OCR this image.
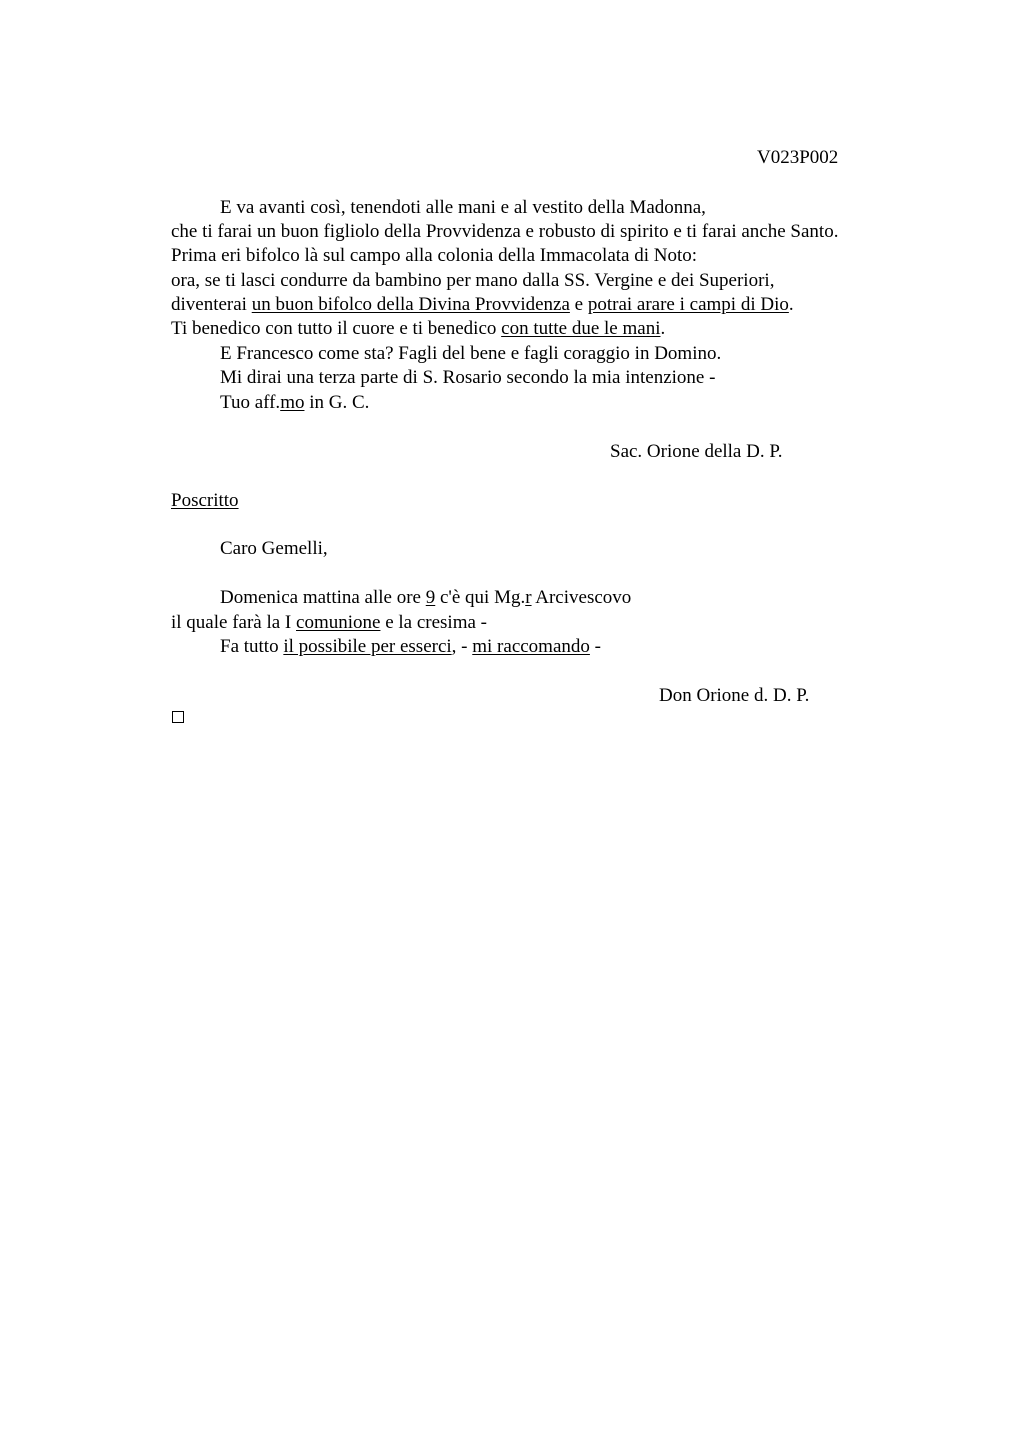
V023P002
E va avanti così, tenendoti alle mani e al vestito della Madonna,
che ti farai un buon figliolo della Provvidenza e robusto di spirito e ti farai anche Santo.
Prima eri bifolco là sul campo alla colonia della Immacolata di Noto:
ora, se ti lasci condurre da bambino per mano dalla SS. Vergine e dei Superiori,
diventerai un buon bifolco della Divina Provvidenza e potrai arare i campi di Dio.
Ti benedico con tutto il cuore e ti benedico con tutte due le mani.
E Francesco come sta? Fagli del bene e fagli coraggio in Domino.
Mi dirai una terza parte di S. Rosario secondo la mia intenzione -
Tuo aff.mo in G. C.
Sac. Orione della D. P.
Poscritto
Caro Gemelli,
Domenica mattina alle ore 9 c'è qui Mg.r Arcivescovo
il quale farà la I comunione e la cresima -
Fa tutto il possibile per esserci, - mi raccomando -
Don Orione d. D. P.
